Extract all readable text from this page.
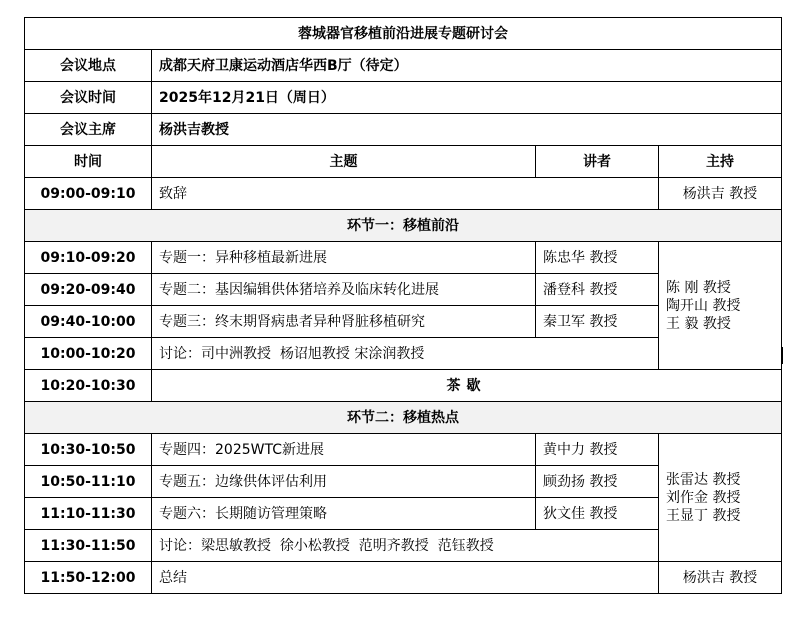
蓉城器官移植前沿进展专题研讨会			
会议地点	成都天府卫康运动酒店华西B厅（待定）		
会议时间	2025年12月21日（周日）		
会议主席	杨洪吉教授		
时间	主题	讲者	主持
09:00-09:10	致辞		杨洪吉 教授
环节一：移植前沿			
09:10-09:20	专题一：异种移植最新进展	陈忠华 教授	陈 刚 教授
陶开山 教授
王 毅 教授

09:20-09:40	专题二：基因编辑供体猪培养及临床转化进展	潘登科 教授	
09:40-10:00	专题三：终末期肾病患者异种肾脏移植研究	秦卫军 教授	
10:00-10:20	讨论：司中洲教授  杨诏旭教授 宋涂润教授		
10:20-10:30	茶歇		
环节二：移植热点			
10:30-10:50	专题四：2025WTC新进展	黄中力 教授	张雷达 教授
刘作金 教授
王显丁 教授

10:50-11:10	专题五：边缘供体评估利用	顾劲扬 教授	
11:10-11:30	专题六：长期随访管理策略	狄文佳 教授	
11:30-11:50	讨论：梁思敏教授  徐小松教授  范明齐教授  范钰教授		
11:50-12:00	总结		杨洪吉 教授
